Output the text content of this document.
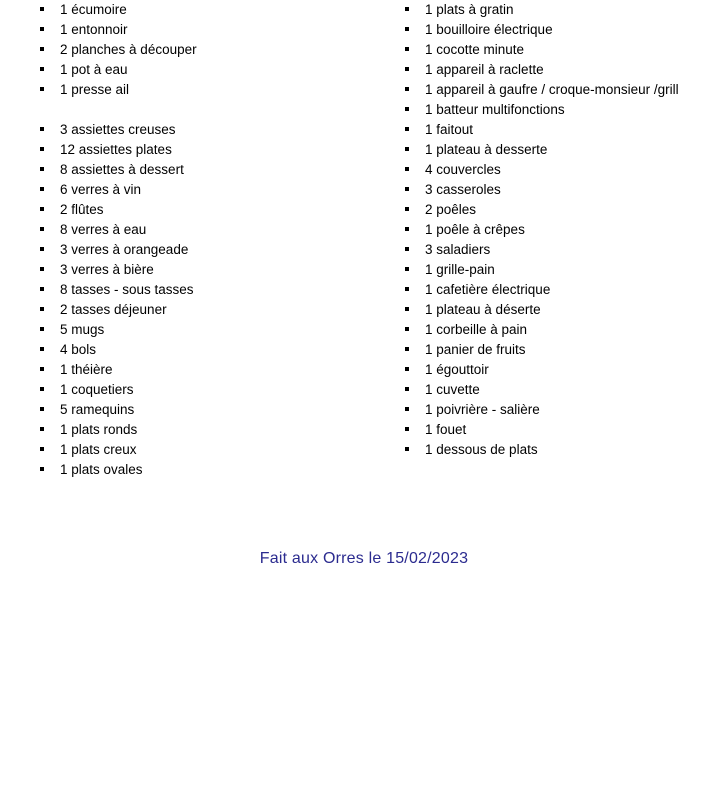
1 écumoire
1 entonnoir
2 planches à découper
1 pot à eau
1 presse ail
3 assiettes creuses
12 assiettes plates
8 assiettes à dessert
6 verres à vin
2 flûtes
8 verres à eau
3 verres à orangeade
3 verres à bière
8 tasses - sous tasses
2 tasses déjeuner
5 mugs
4 bols
1 théière
1 coquetiers
5 ramequins
1 plats ronds
1 plats creux
1 plats ovales
1 plats à gratin
1 bouilloire électrique
1 cocotte minute
1 appareil à raclette
1 appareil à gaufre / croque-monsieur /grill
1 batteur multifonctions
1 faitout
1 plateau à desserte
4 couvercles
3 casseroles
2 poêles
1 poêle à crêpes
3 saladiers
1 grille-pain
1 cafetière électrique
1 plateau à déserte
1 corbeille à pain
1 panier de fruits
1 égouttoir
1 cuvette
1 poivrière - salière
1 fouet
1 dessous de plats
Fait aux Orres le 15/02/2023
